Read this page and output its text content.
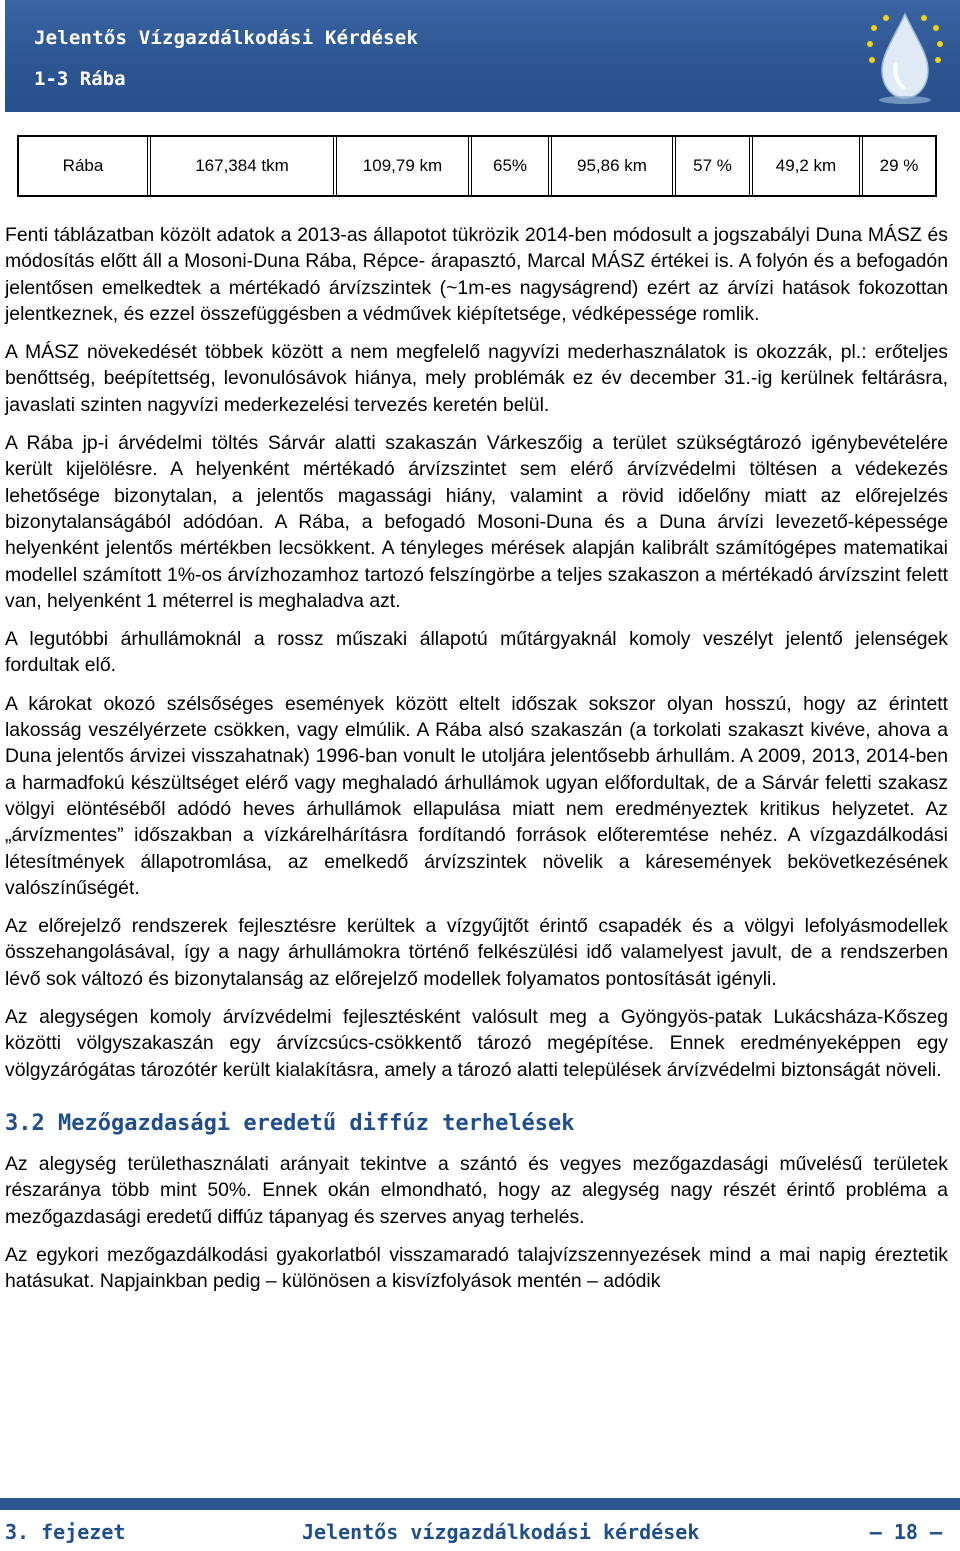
Jelentős Vízgazdálkodási Kérdések
1-3 Rába
Rába	167,384 tkm	109,79 km	65%	95,86 km	57 %	49,2 km	29 %

Fenti táblázatban közölt adatok a 2013-as állapotot tükrözik 2014-ben módosult a jogszabályi Duna MÁSZ és módosítás előtt áll a Mosoni-Duna Rába, Répce- árapasztó, Marcal MÁSZ értékei is. A folyón és a befogadón jelentősen emelkedtek a mértékadó árvízszintek (~1m-es nagyságrend) ezért az árvízi hatások fokozottan jelentkeznek, és ezzel összefüggésben a védművek kiépítetsége, védképessége romlik.

A MÁSZ növekedését többek között a nem megfelelő nagyvízi mederhasználatok is okozzák, pl.: erőteljes benőttség, beépítettség, levonulósávok hiánya, mely problémák ez év december 31.-ig kerülnek feltárásra, javaslati szinten nagyvízi mederkezelési tervezés keretén belül.

A Rába jp-i árvédelmi töltés Sárvár alatti szakaszán Várkeszőig a terület szükségtározó igénybevételére került kijelölésre. A helyenként mértékadó árvízszintet sem elérő árvízvédelmi töltésen a védekezés lehetősége bizonytalan, a jelentős magassági hiány, valamint a rövid időelőny miatt az előrejelzés bizonytalanságából adódóan. A Rába, a befogadó Mosoni-Duna és a Duna árvízi levezető-képessége helyenként jelentős mértékben lecsökkent. A tényleges mérések alapján kalibrált számítógépes matematikai modellel számított 1%-os árvízhozamhoz tartozó felszíngörbe a teljes szakaszon a mértékadó árvízszint felett van, helyenként 1 méterrel is meghaladva azt.

A legutóbbi árhullámoknál a rossz műszaki állapotú műtárgyaknál komoly veszélyt jelentő jelenségek fordultak elő.

A károkat okozó szélsőséges események között eltelt időszak sokszor olyan hosszú, hogy az érintett lakosság veszélyérzete csökken, vagy elmúlik. A Rába alsó szakaszán (a torkolati szakaszt kivéve, ahova a Duna jelentős árvizei visszahatnak) 1996-ban vonult le utoljára jelentősebb árhullám. A 2009, 2013, 2014-ben a harmadfokú készültséget elérő vagy meghaladó árhullámok ugyan előfordultak, de a Sárvár feletti szakasz völgyi elöntéséből adódó heves árhullámok ellapulása miatt nem eredményeztek kritikus helyzetet. Az „árvízmentes” időszakban a vízkárelhárításra fordítandó források előteremtése nehéz. A vízgazdálkodási létesítmények állapotromlása, az emelkedő árvízszintek növelik a káresemények bekövetkezésének valószínűségét.

Az előrejelző rendszerek fejlesztésre kerültek a vízgyűjtőt érintő csapadék és a völgyi lefolyásmodellek összehangolásával, így a nagy árhullámokra történő felkészülési idő valamelyest javult, de a rendszerben lévő sok változó és bizonytalanság az előrejelző modellek folyamatos pontosítását igényli.

Az alegységen komoly árvízvédelmi fejlesztésként valósult meg a Gyöngyös-patak Lukácsháza-Kőszeg közötti völgyszakaszán egy árvízcsúcs-csökkentő tározó megépítése. Ennek eredményeképpen egy völgyzárógátas tározótér került kialakításra, amely a tározó alatti települések árvízvédelmi biztonságát növeli.

3.2 Mezőgazdasági eredetű diffúz terhelések

Az alegység területhasználati arányait tekintve a szántó és vegyes mezőgazdasági művelésű területek részaránya több mint 50%. Ennek okán elmondható, hogy az alegység nagy részét érintő probléma a mezőgazdasági eredetű diffúz tápanyag és szerves anyag terhelés.

Az egykori mezőgazdálkodási gyakorlatból visszamaradó talajvízszennyezések mind a mai napig éreztetik hatásukat. Napjainkban pedig – különösen a kisvízfolyások mentén – adódik

3. fejezet	Jelentős vízgazdálkodási kérdések	— 18 —
